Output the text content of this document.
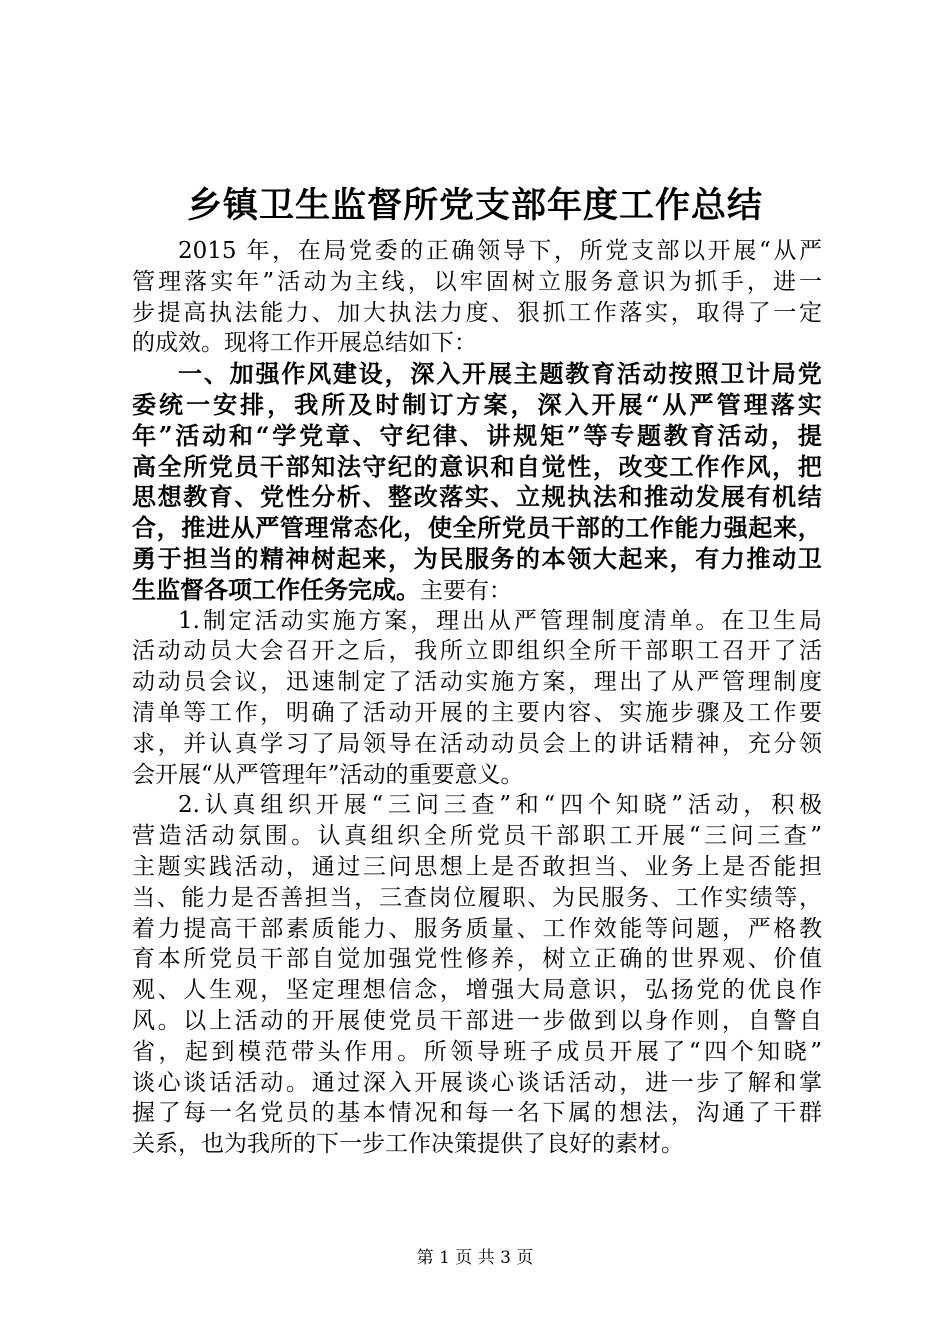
乡镇卫生监督所党支部年度工作总结
2015 年，在局党委的正确领导下，所党支部以开展“从严
管理落实年”活动为主线，以牢固树立服务意识为抓手，进一
步提高执法能力、加大执法力度、狠抓工作落实，取得了一定
的成效。现将工作开展总结如下：
一、加强作风建设，深入开展主题教育活动按照卫计局党
委统一安排，我所及时制订方案，深入开展“从严管理落实
年”活动和“学党章、守纪律、讲规矩”等专题教育活动，提
高全所党员干部知法守纪的意识和自觉性，改变工作作风，把
思想教育、党性分析、整改落实、立规执法和推动发展有机结
合，推进从严管理常态化，使全所党员干部的工作能力强起来，
勇于担当的精神树起来，为民服务的本领大起来，有力推动卫
生监督各项工作任务完成。主要有：
1.制定活动实施方案，理出从严管理制度清单。在卫生局
活动动员大会召开之后，我所立即组织全所干部职工召开了活
动动员会议，迅速制定了活动实施方案，理出了从严管理制度
清单等工作，明确了活动开展的主要内容、实施步骤及工作要
求，并认真学习了局领导在活动动员会上的讲话精神，充分领
会开展“从严管理年”活动的重要意义。
2.认真组织开展“三问三查”和“四个知晓”活动，积极
营造活动氛围。认真组织全所党员干部职工开展“三问三查”
主题实践活动，通过三问思想上是否敢担当、业务上是否能担
当、能力是否善担当，三查岗位履职、为民服务、工作实绩等，
着力提高干部素质能力、服务质量、工作效能等问题，严格教
育本所党员干部自觉加强党性修养，树立正确的世界观、价值
观、人生观，坚定理想信念，增强大局意识，弘扬党的优良作
风。以上活动的开展使党员干部进一步做到以身作则，自警自
省，起到模范带头作用。所领导班子成员开展了“四个知晓”
谈心谈话活动。通过深入开展谈心谈话活动，进一步了解和掌
握了每一名党员的基本情况和每一名下属的想法，沟通了干群
关系，也为我所的下一步工作决策提供了良好的素材。
第 1 页 共 3 页
